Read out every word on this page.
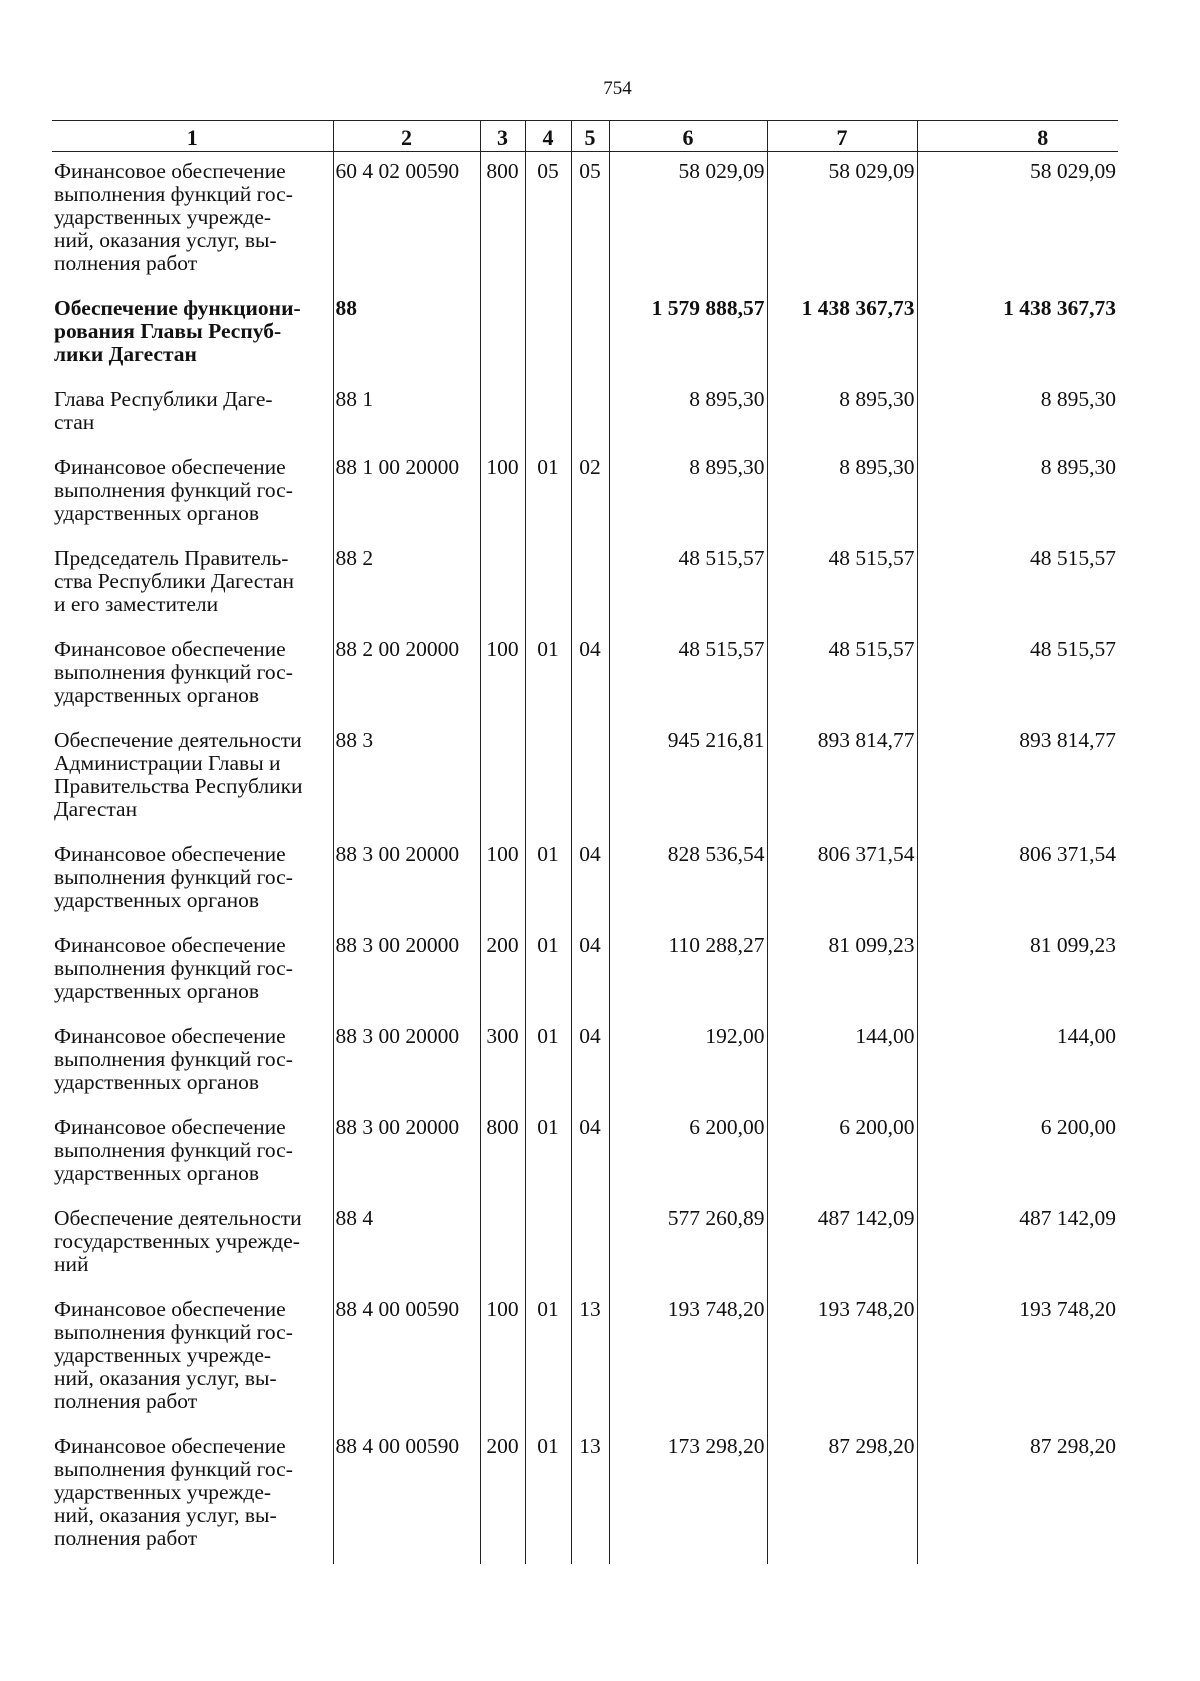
754
1	2	3	4	5	6	7	8
Финансовое обеспечение
выполнения функций гос-
ударственных учрежде-
ний, оказания услуг, вы-
полнения работ	60 4 02 00590	800	05	05	58 029,09	58 029,09	58 029,09
Обеспечение функциони-
рования Главы Респуб-
лики Дагестан	88				1 579 888,57	1 438 367,73	1 438 367,73
Глава Республики Даге-
стан	88 1				8 895,30	8 895,30	8 895,30
Финансовое обеспечение
выполнения функций гос-
ударственных органов	88 1 00 20000	100	01	02	8 895,30	8 895,30	8 895,30
Председатель Правитель-
ства Республики Дагестан
и его заместители	88 2				48 515,57	48 515,57	48 515,57
Финансовое обеспечение
выполнения функций гос-
ударственных органов	88 2 00 20000	100	01	04	48 515,57	48 515,57	48 515,57
Обеспечение деятельности
Администрации Главы и
Правительства Республики
Дагестан	88 3				945 216,81	893 814,77	893 814,77
Финансовое обеспечение
выполнения функций гос-
ударственных органов	88 3 00 20000	100	01	04	828 536,54	806 371,54	806 371,54
Финансовое обеспечение
выполнения функций гос-
ударственных органов	88 3 00 20000	200	01	04	110 288,27	81 099,23	81 099,23
Финансовое обеспечение
выполнения функций гос-
ударственных органов	88 3 00 20000	300	01	04	192,00	144,00	144,00
Финансовое обеспечение
выполнения функций гос-
ударственных органов	88 3 00 20000	800	01	04	6 200,00	6 200,00	6 200,00
Обеспечение деятельности
государственных учрежде-
ний	88 4				577 260,89	487 142,09	487 142,09
Финансовое обеспечение
выполнения функций гос-
ударственных учрежде-
ний, оказания услуг, вы-
полнения работ	88 4 00 00590	100	01	13	193 748,20	193 748,20	193 748,20
Финансовое обеспечение
выполнения функций гос-
ударственных учрежде-
ний, оказания услуг, вы-
полнения работ	88 4 00 00590	200	01	13	173 298,20	87 298,20	87 298,20
